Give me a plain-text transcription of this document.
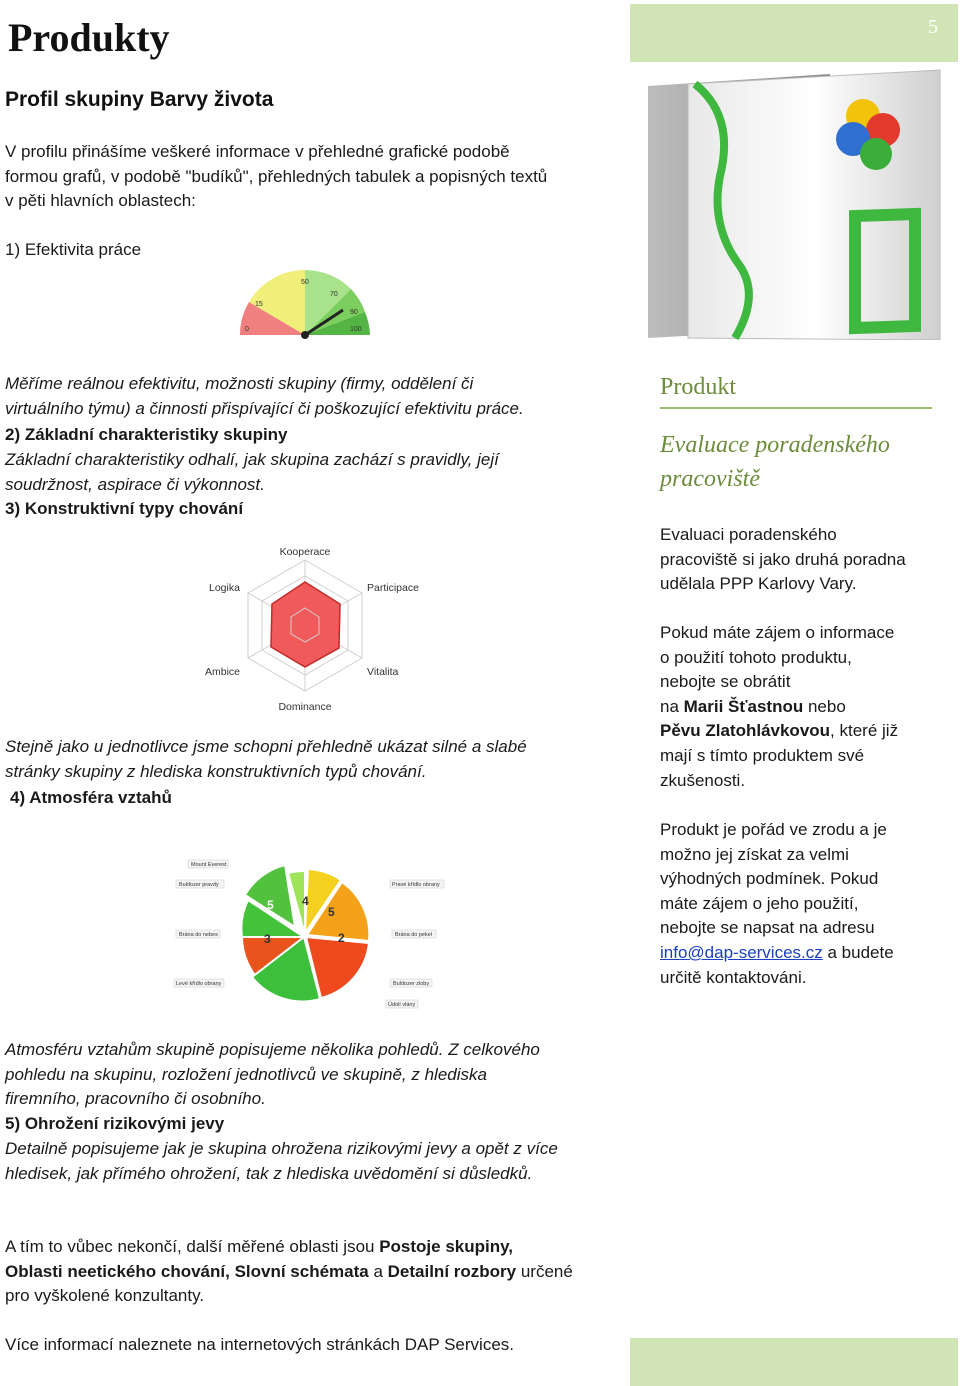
Produkty	5
Profil skupiny Barvy života
V profilu přinášíme veškeré informace v přehledné grafické podobě
formou grafů, v podobě "budíků", přehledných tabulek a popisných textů
v pěti hlavních oblastech:
1) Efektivita práce
0
15
50
70
90
100
Měříme reálnou efektivitu, možnosti skupiny (firmy, oddělení či
virtuálního týmu) a činnosti přispívající či poškozující efektivitu práce.
2) Základní charakteristiky skupiny
Základní charakteristiky odhalí, jak skupina zachází s pravidly, její
soudržnost, aspirace či výkonnost.
3) Konstruktivní typy chování
Kooperace
Logika	Participace
Ambice	Vitalita
Dominance
Stejně jako u jednotlivce jsme schopni přehledně ukázat silné a slabé
stránky skupiny z hlediska konstruktivních typů chování.
4) Atmosféra vztahů
Mount Everest
Buldozer pravdy	Pravé křídlo obrany
Brána do nebes	Brána do pekel
Levé křídlo obrany	Buldozer zloby
Údolí vlány
5 4
5
3	2
Atmosféru vztahům skupině popisujeme několika pohledů. Z celkového
pohledu na skupinu, rozložení jednotlivců ve skupině, z hlediska
firemního, pracovního či osobního.
5) Ohrožení rizikovými jevy
Detailně popisujeme jak je skupina ohrožena rizikovými jevy a opět z více
hledisek, jak přímého ohrožení, tak z hlediska uvědomění si důsledků.
A tím to vůbec nekončí, další měřené oblasti jsou Postoje skupiny,
Oblasti neetického chování, Slovní schémata a Detailní rozbory určené
pro vyškolené konzultanty.
Více informací naleznete na internetových stránkách DAP Services.
Produkt
Evaluace poradenského
pracoviště
Evaluaci poradenského
pracoviště si jako druhá poradna
udělala PPP Karlovy Vary.
Pokud máte zájem o informace
o použití tohoto produktu,
nebojte se obrátit
na Marii Šťastnou nebo
Pěvu Zlatohlávkovou, které již
mají s tímto produktem své
zkušenosti.
Produkt je pořád ve zrodu a je
možno jej získat za velmi
výhodných podmínek. Pokud
máte zájem o jeho použití,
nebojte se napsat na adresu
info@dap-services.cz a budete
určitě kontaktováni.
